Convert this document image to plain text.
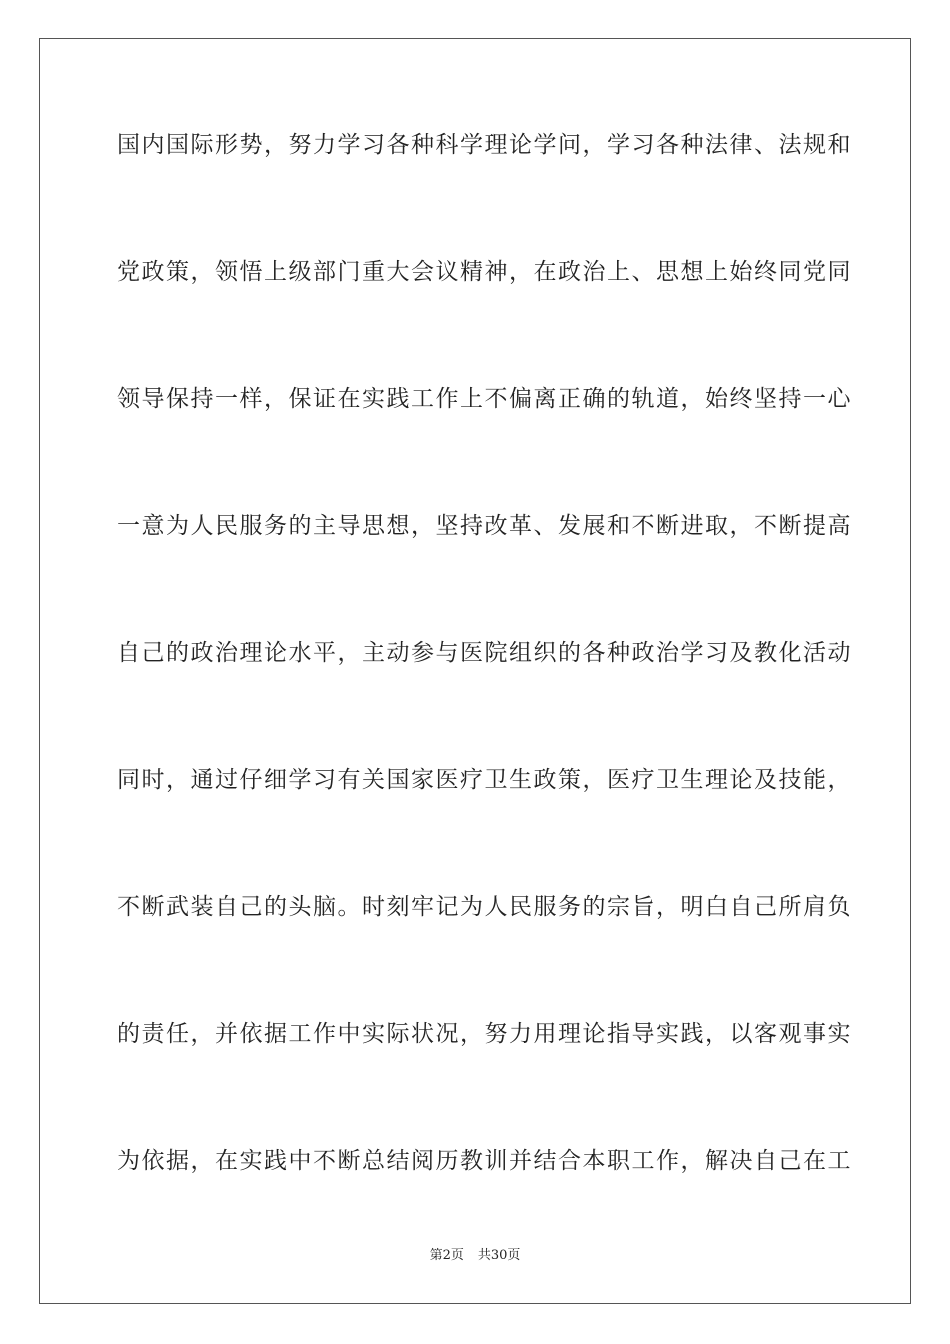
国内国际形势，努力学习各种科学理论学问，学习各种法律、法规和
党政策，领悟上级部门重大会议精神，在政治上、思想上始终同党同
领导保持一样，保证在实践工作上不偏离正确的轨道，始终坚持一心
一意为人民服务的主导思想，坚持改革、发展和不断进取，不断提高
自己的政治理论水平，主动参与医院组织的各种政治学习及教化活动
同时，通过仔细学习有关国家医疗卫生政策，医疗卫生理论及技能，
不断武装自己的头脑。时刻牢记为人民服务的宗旨，明白自己所肩负
的责任，并依据工作中实际状况，努力用理论指导实践，以客观事实
为依据，在实践中不断总结阅历教训并结合本职工作，解决自己在工
第2页 共30页
